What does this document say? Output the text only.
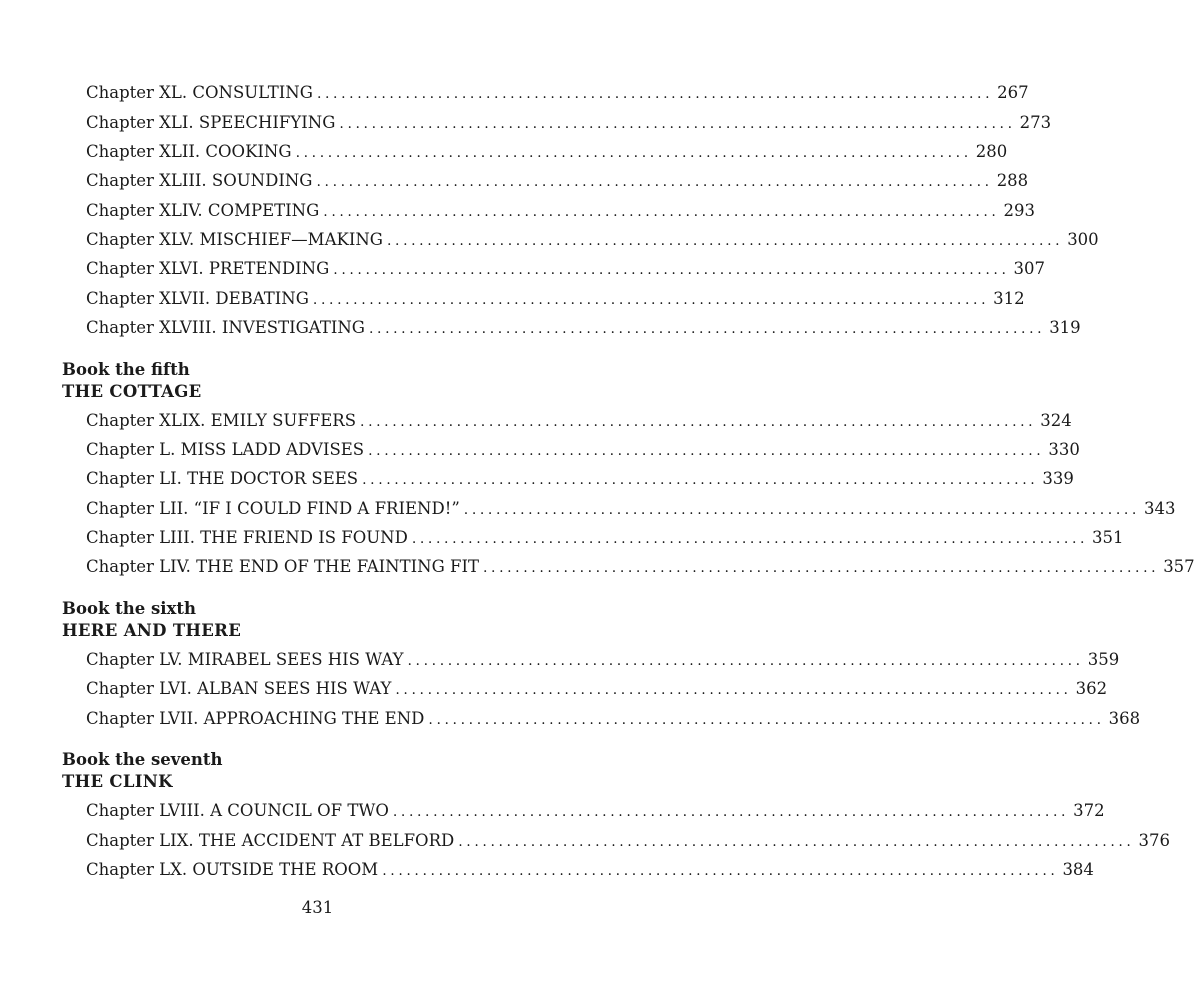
Chapter XL. CONSULTING .................................................................................... 267
Chapter XLI. SPEECHIFYING .................................................................................... 273
Chapter XLII. COOKING .................................................................................... 280
Chapter XLIII. SOUNDING .................................................................................... 288
Chapter XLIV. COMPETING .................................................................................... 293
Chapter XLV. MISCHIEF—MAKING .................................................................................... 300
Chapter XLVI. PRETENDING .................................................................................... 307
Chapter XLVII. DEBATING .................................................................................... 312
Chapter XLVIII. INVESTIGATING .................................................................................... 319
Book the fifth
THE COTTAGE
Chapter XLIX. EMILY SUFFERS .................................................................................... 324
Chapter L. MISS LADD ADVISES .................................................................................... 330
Chapter LI. THE DOCTOR SEES .................................................................................... 339
Chapter LII. “IF I COULD FIND A FRIEND!” .................................................................................... 343
Chapter LIII. THE FRIEND IS FOUND .................................................................................... 351
Chapter LIV. THE END OF THE FAINTING FIT .................................................................................... 357
Book the sixth
HERE AND THERE
Chapter LV. MIRABEL SEES HIS WAY .................................................................................... 359
Chapter LVI. ALBAN SEES HIS WAY .................................................................................... 362
Chapter LVII. APPROACHING THE END .................................................................................... 368
Book the seventh
THE CLINK
Chapter LVIII. A COUNCIL OF TWO .................................................................................... 372
Chapter LIX. THE ACCIDENT AT BELFORD .................................................................................... 376
Chapter LX. OUTSIDE THE ROOM .................................................................................... 384
431
